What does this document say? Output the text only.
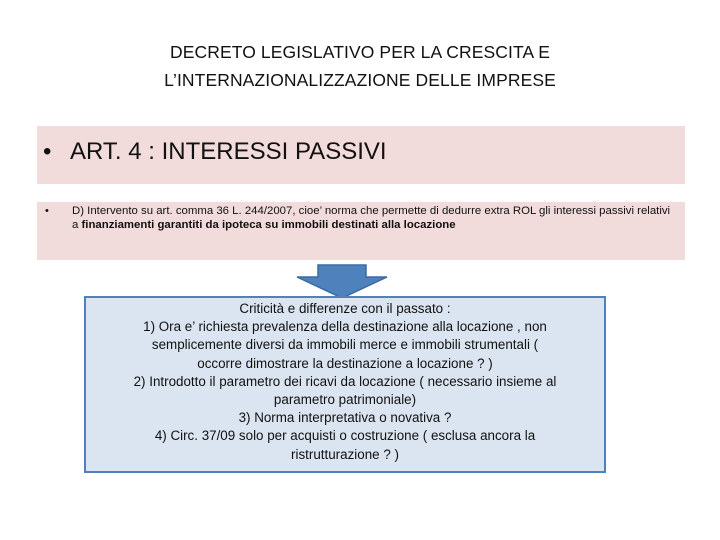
DECRETO LEGISLATIVO PER LA CRESCITA E
L’INTERNAZIONALIZZAZIONE DELLE IMPRESE
• ART. 4 : INTERESSI PASSIVI
• D) Intervento su art. comma 36 L. 244/2007, cioe’ norma che permette di dedurre extra ROL gli interessi passivi relativi a finanziamenti garantiti da ipoteca su immobili destinati alla locazione
Criticità e differenze con il passato :
1) Ora e’ richiesta prevalenza della destinazione alla locazione , non
semplicemente diversi da immobili merce e immobili strumentali (
occorre dimostrare la destinazione a locazione ? )
2) Introdotto il parametro dei ricavi da locazione ( necessario insieme al
parametro patrimoniale)
3) Norma interpretativa o novativa ?
4) Circ. 37/09 solo per acquisti o costruzione ( esclusa ancora la
ristrutturazione ? )
